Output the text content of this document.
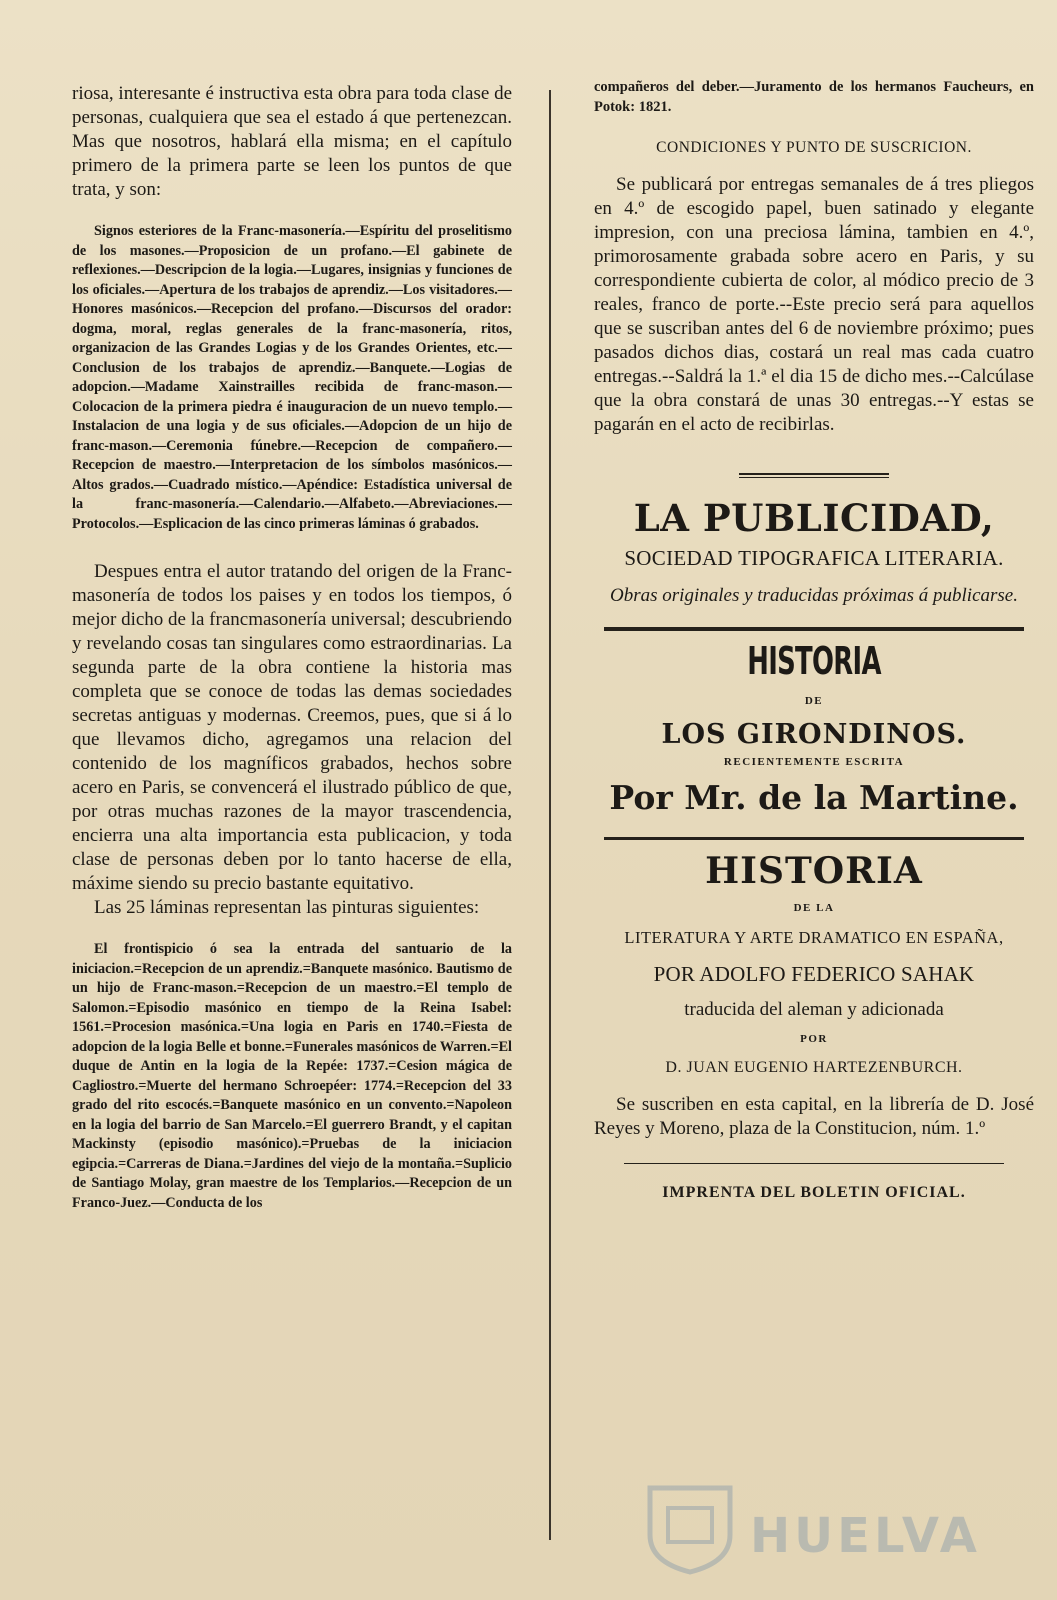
riosa, interesante é instructiva esta obra para toda clase de personas, cualquiera que sea el estado á que pertenezcan. Mas que nosotros, hablará ella misma; en el capítulo primero de la primera parte se leen los puntos de que trata, y son:

Signos esteriores de la Franc-masonería.—Espíritu del proselitismo de los masones.—Proposicion de un profano.—El gabinete de reflexiones.—Descripcion de la logia.—Lugares, insignias y funciones de los oficiales.—Apertura de los trabajos de aprendiz.—Los visitadores.—Honores masónicos.—Recepcion del profano.—Discursos del orador: dogma, moral, reglas generales de la franc-masonería, ritos, organizacion de las Grandes Logias y de los Grandes Orientes, etc.—Conclusion de los trabajos de aprendiz.—Banquete.—Logias de adopcion.—Madame Xainstrailles recibida de franc-mason.—Colocacion de la primera piedra é inauguracion de un nuevo templo.—Instalacion de una logia y de sus oficiales.—Adopcion de un hijo de franc-mason.—Ceremonia fúnebre.—Recepcion de compañero.—Recepcion de maestro.—Interpretacion de los símbolos masónicos.—Altos grados.—Cuadrado místico.—Apéndice: Estadística universal de la franc-masonería.—Calendario.—Alfabeto.—Abreviaciones.—Protocolos.—Esplicacion de las cinco primeras láminas ó grabados.

Despues entra el autor tratando del origen de la Franc-masonería de todos los paises y en todos los tiempos, ó mejor dicho de la francmasonería universal; descubriendo y revelando cosas tan singulares como estraordinarias. La segunda parte de la obra contiene la historia mas completa que se conoce de todas las demas sociedades secretas antiguas y modernas. Creemos, pues, que si á lo que llevamos dicho, agregamos una relacion del contenido de los magníficos grabados, hechos sobre acero en Paris, se convencerá el ilustrado público de que, por otras muchas razones de la mayor trascendencia, encierra una alta importancia esta publicacion, y toda clase de personas deben por lo tanto hacerse de ella, máxime siendo su precio bastante equitativo.

Las 25 láminas representan las pinturas siguientes:

El frontispicio ó sea la entrada del santuario de la iniciacion.=Recepcion de un aprendiz.=Banquete masónico. Bautismo de un hijo de Franc-mason.=Recepcion de un maestro.=El templo de Salomon.=Episodio masónico en tiempo de la Reina Isabel: 1561.=Procesion masónica.=Una logia en Paris en 1740.=Fiesta de adopcion de la logia Belle et bonne.=Funerales masónicos de Warren.=El duque de Antin en la logia de la Repée: 1737.=Cesion mágica de Cagliostro.=Muerte del hermano Schroepéer: 1774.=Recepcion del 33 grado del rito escocés.=Banquete masónico en un convento.=Napoleon en la logia del barrio de San Marcelo.=El guerrero Brandt, y el capitan Mackinsty (episodio masónico).=Pruebas de la iniciacion egipcia.=Carreras de Diana.=Jardines del viejo de la montaña.=Suplicio de Santiago Molay, gran maestre de los Templarios.—Recepcion de un Franco-Juez.—Conducta de los

compañeros del deber.—Juramento de los hermanos Faucheurs, en Potok: 1821.

CONDICIONES Y PUNTO DE SUSCRICION.

Se publicará por entregas semanales de á tres pliegos en 4.º de escogido papel, buen satinado y elegante impresion, con una preciosa lámina, tambien en 4.º, primorosamente grabada sobre acero en Paris, y su correspondiente cubierta de color, al módico precio de 3 reales, franco de porte.--Este precio será para aquellos que se suscriban antes del 6 de noviembre próximo; pues pasados dichos dias, costará un real mas cada cuatro entregas.--Saldrá la 1.ª el dia 15 de dicho mes.--Calcúlase que la obra constará de unas 30 entregas.--Y estas se pagarán en el acto de recibirlas.

LA PUBLICIDAD,

SOCIEDAD TIPOGRAFICA LITERARIA.

Obras originales y traducidas próximas á publicarse.

HISTORIA

DE

LOS GIRONDINOS.

RECIENTEMENTE ESCRITA

Por Mr. de la Martine.

HISTORIA

DE LA

LITERATURA Y ARTE DRAMATICO EN ESPAÑA,

POR ADOLFO FEDERICO SAHAK

traducida del aleman y adicionada

POR

D. JUAN EUGENIO HARTEZENBURCH.

Se suscriben en esta capital, en la librería de D. José Reyes y Moreno, plaza de la Constitucion, núm. 1.º

IMPRENTA DEL BOLETIN OFICIAL.

HUELVA
